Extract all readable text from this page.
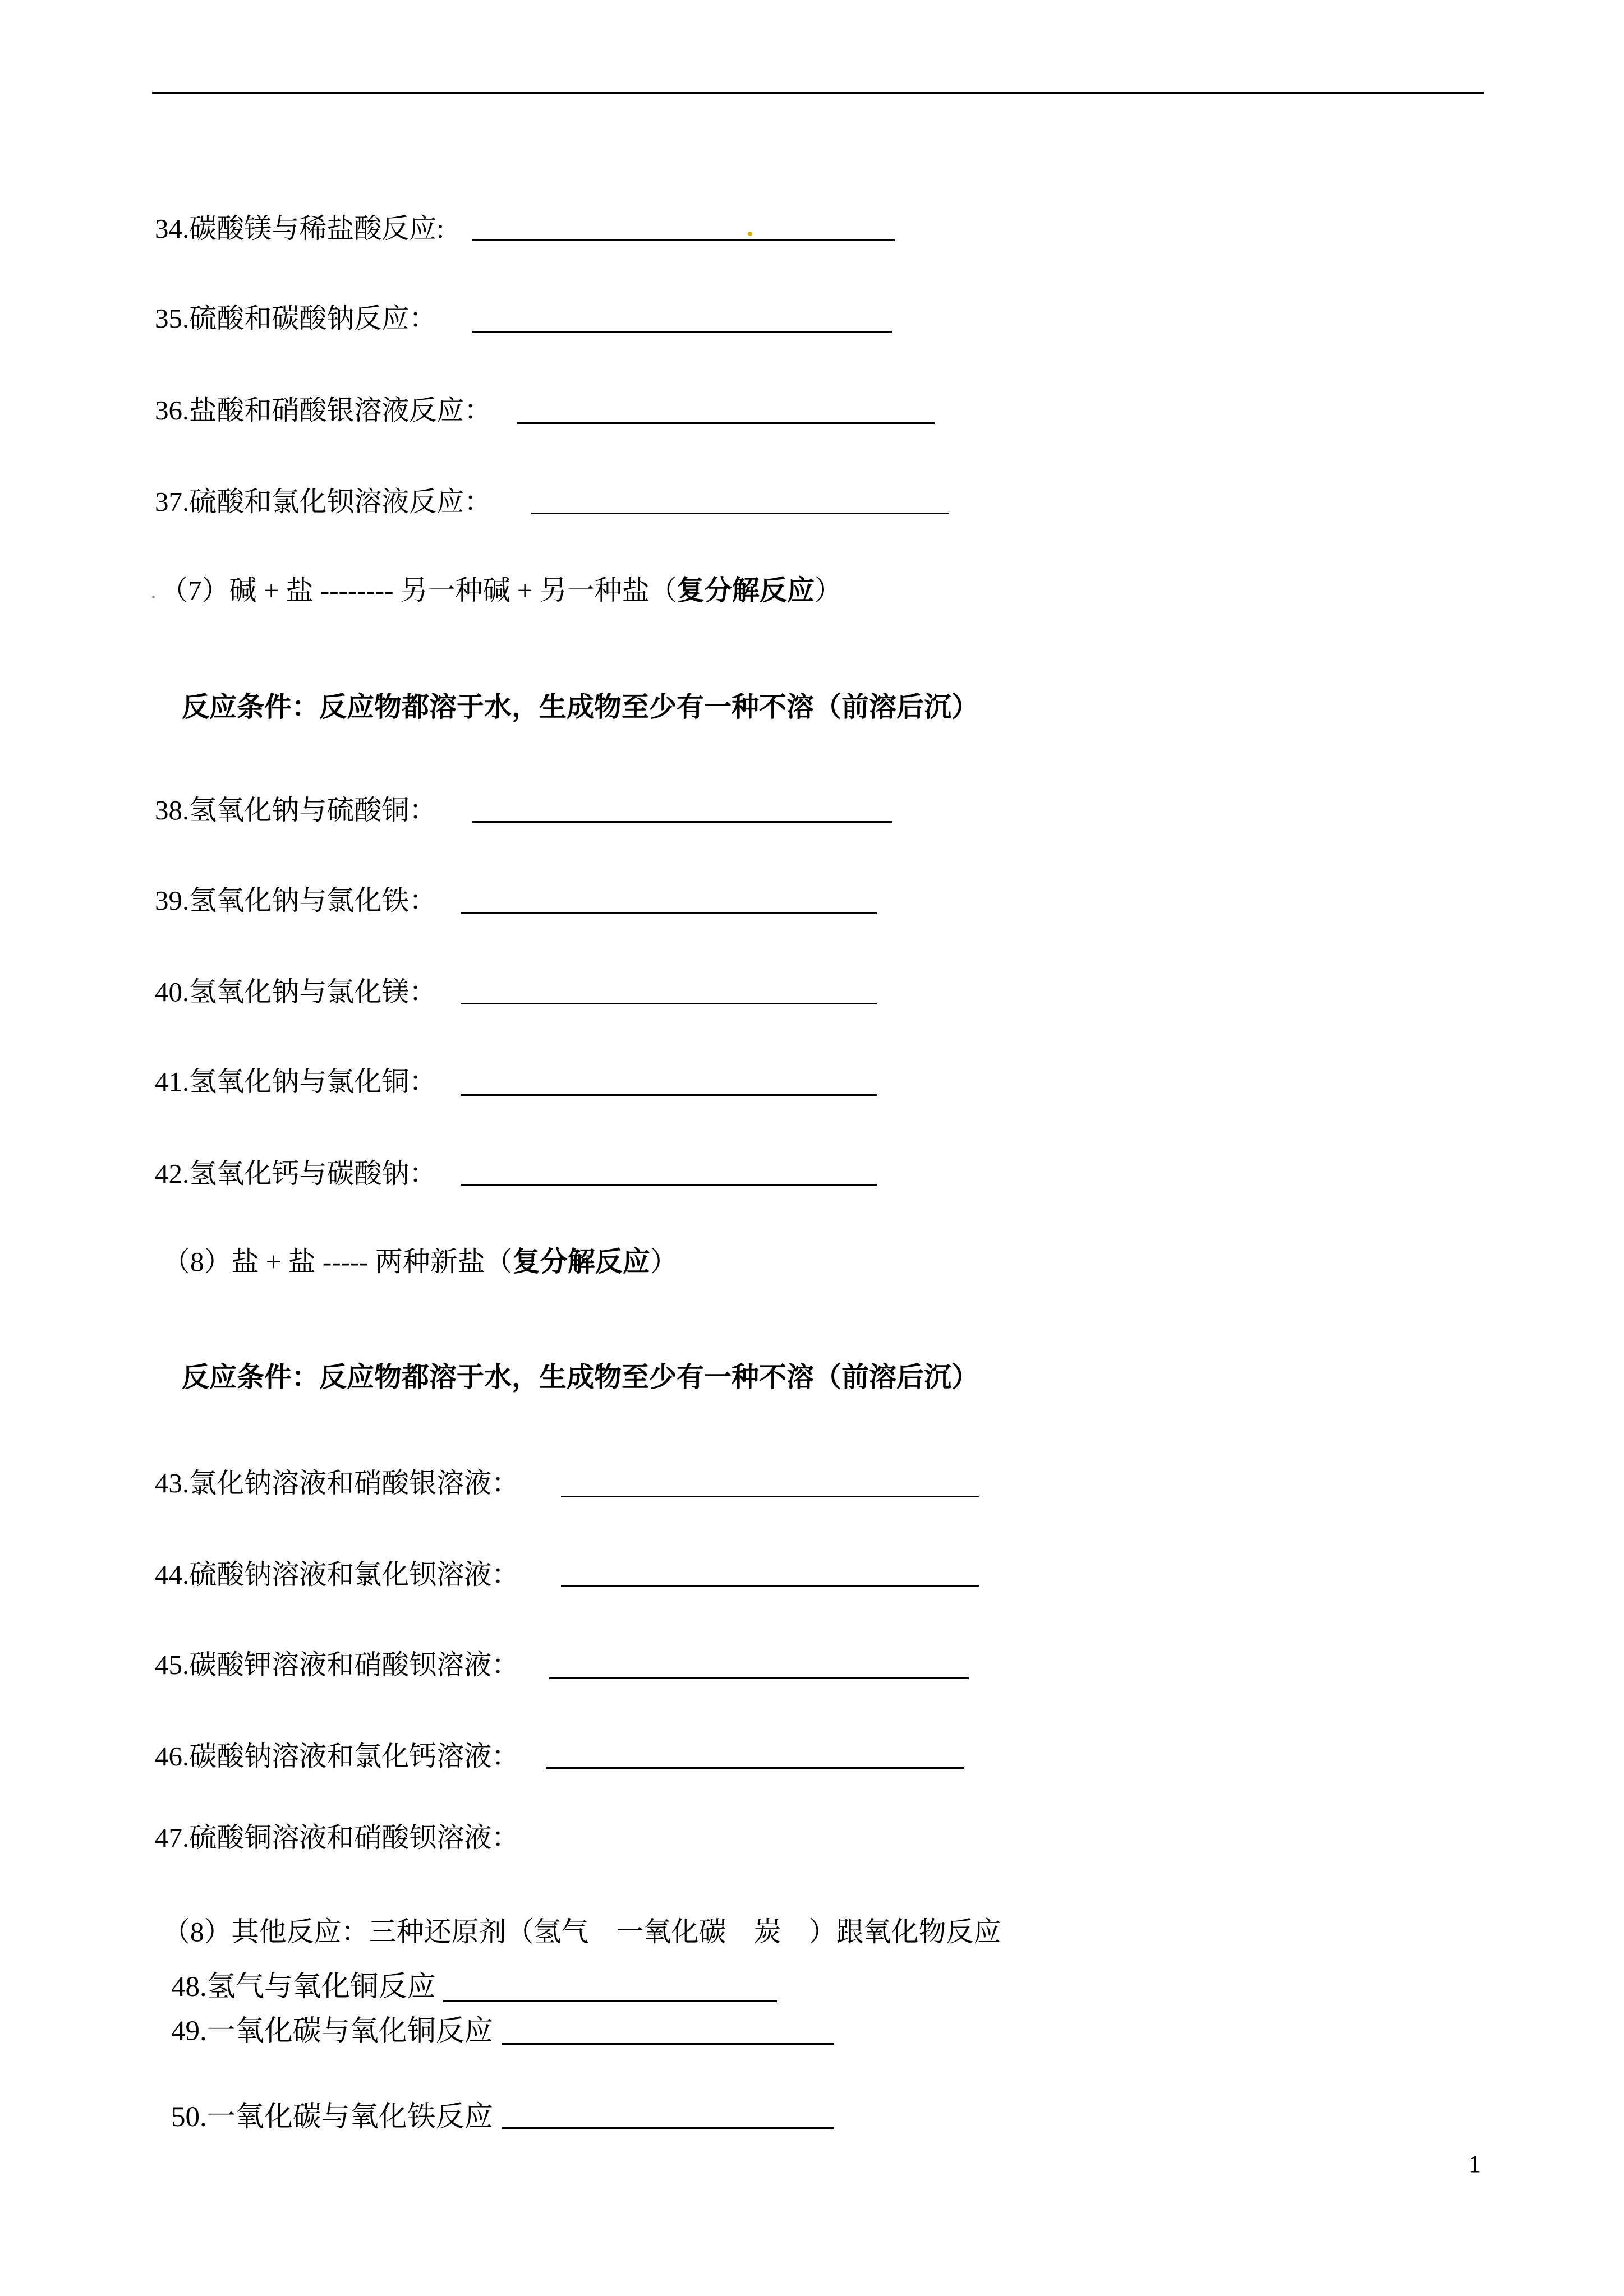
34.碳酸镁与稀盐酸反应:
35.硫酸和碳酸钠反应：
36.盐酸和硝酸银溶液反应：
37.硫酸和氯化钡溶液反应：
（7）碱 + 盐 -------- 另一种碱 + 另一种盐（复分解反应）
反应条件：反应物都溶于水，生成物至少有一种不溶（前溶后沉）
38.氢氧化钠与硫酸铜：
39.氢氧化钠与氯化铁：
40.氢氧化钠与氯化镁：
41.氢氧化钠与氯化铜：
42.氢氧化钙与碳酸钠：
（8）盐 + 盐 ----- 两种新盐（复分解反应）
反应条件：反应物都溶于水，生成物至少有一种不溶（前溶后沉）
43.氯化钠溶液和硝酸银溶液：
44.硫酸钠溶液和氯化钡溶液：
45.碳酸钾溶液和硝酸钡溶液：
46.碳酸钠溶液和氯化钙溶液：
47.硫酸铜溶液和硝酸钡溶液：
（8）其他反应：三种还原剂（氢气　一氧化碳　炭　）跟氧化物反应
48.氢气与氧化铜反应
49.一氧化碳与氧化铜反应
50.一氧化碳与氧化铁反应
1
